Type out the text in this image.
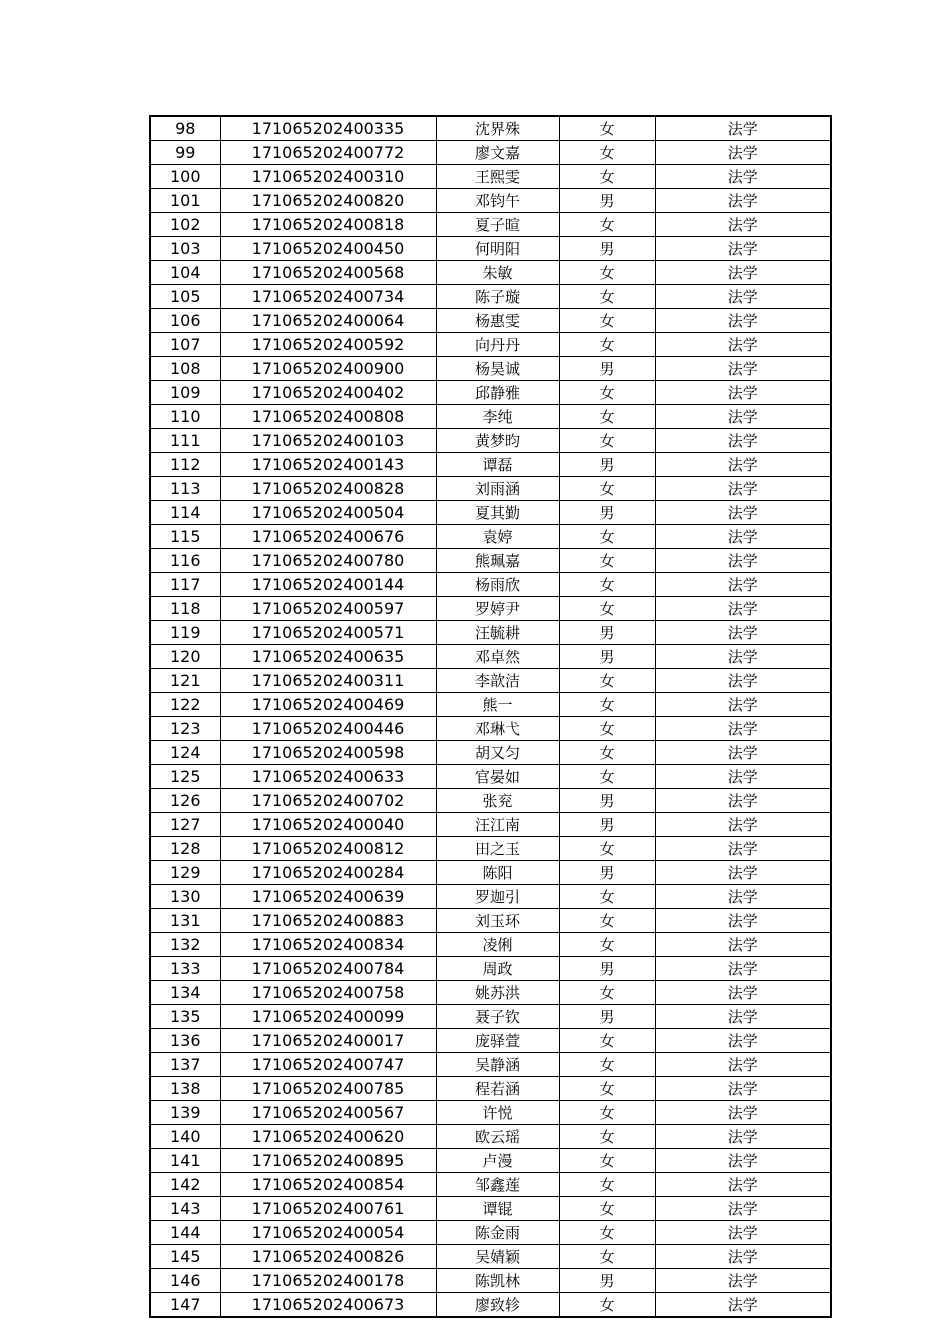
98	171065202400335	沈界殊	女	法学
99	171065202400772	廖文嘉	女	法学
100	171065202400310	王熙雯	女	法学
101	171065202400820	邓钧午	男	法学
102	171065202400818	夏子暄	女	法学
103	171065202400450	何明阳	男	法学
104	171065202400568	朱敏	女	法学
105	171065202400734	陈子璇	女	法学
106	171065202400064	杨惠雯	女	法学
107	171065202400592	向丹丹	女	法学
108	171065202400900	杨昊诚	男	法学
109	171065202400402	邱静雅	女	法学
110	171065202400808	李纯	女	法学
111	171065202400103	黄梦昀	女	法学
112	171065202400143	谭磊	男	法学
113	171065202400828	刘雨涵	女	法学
114	171065202400504	夏其勤	男	法学
115	171065202400676	袁婷	女	法学
116	171065202400780	熊珮嘉	女	法学
117	171065202400144	杨雨欣	女	法学
118	171065202400597	罗婷尹	女	法学
119	171065202400571	汪毓耕	男	法学
120	171065202400635	邓卓然	男	法学
121	171065202400311	李歆洁	女	法学
122	171065202400469	熊一	女	法学
123	171065202400446	邓琳弋	女	法学
124	171065202400598	胡又匀	女	法学
125	171065202400633	官晏如	女	法学
126	171065202400702	张兖	男	法学
127	171065202400040	汪江南	男	法学
128	171065202400812	田之玉	女	法学
129	171065202400284	陈阳	男	法学
130	171065202400639	罗迦引	女	法学
131	171065202400883	刘玉环	女	法学
132	171065202400834	凌俐	女	法学
133	171065202400784	周政	男	法学
134	171065202400758	姚苏洪	女	法学
135	171065202400099	聂子钦	男	法学
136	171065202400017	庞驿萱	女	法学
137	171065202400747	吴静涵	女	法学
138	171065202400785	程若涵	女	法学
139	171065202400567	许悦	女	法学
140	171065202400620	欧云瑶	女	法学
141	171065202400895	卢漫	女	法学
142	171065202400854	邹鑫莲	女	法学
143	171065202400761	谭锟	女	法学
144	171065202400054	陈金雨	女	法学
145	171065202400826	吴婧颖	女	法学
146	171065202400178	陈凯林	男	法学
147	171065202400673	廖致轸	女	法学
